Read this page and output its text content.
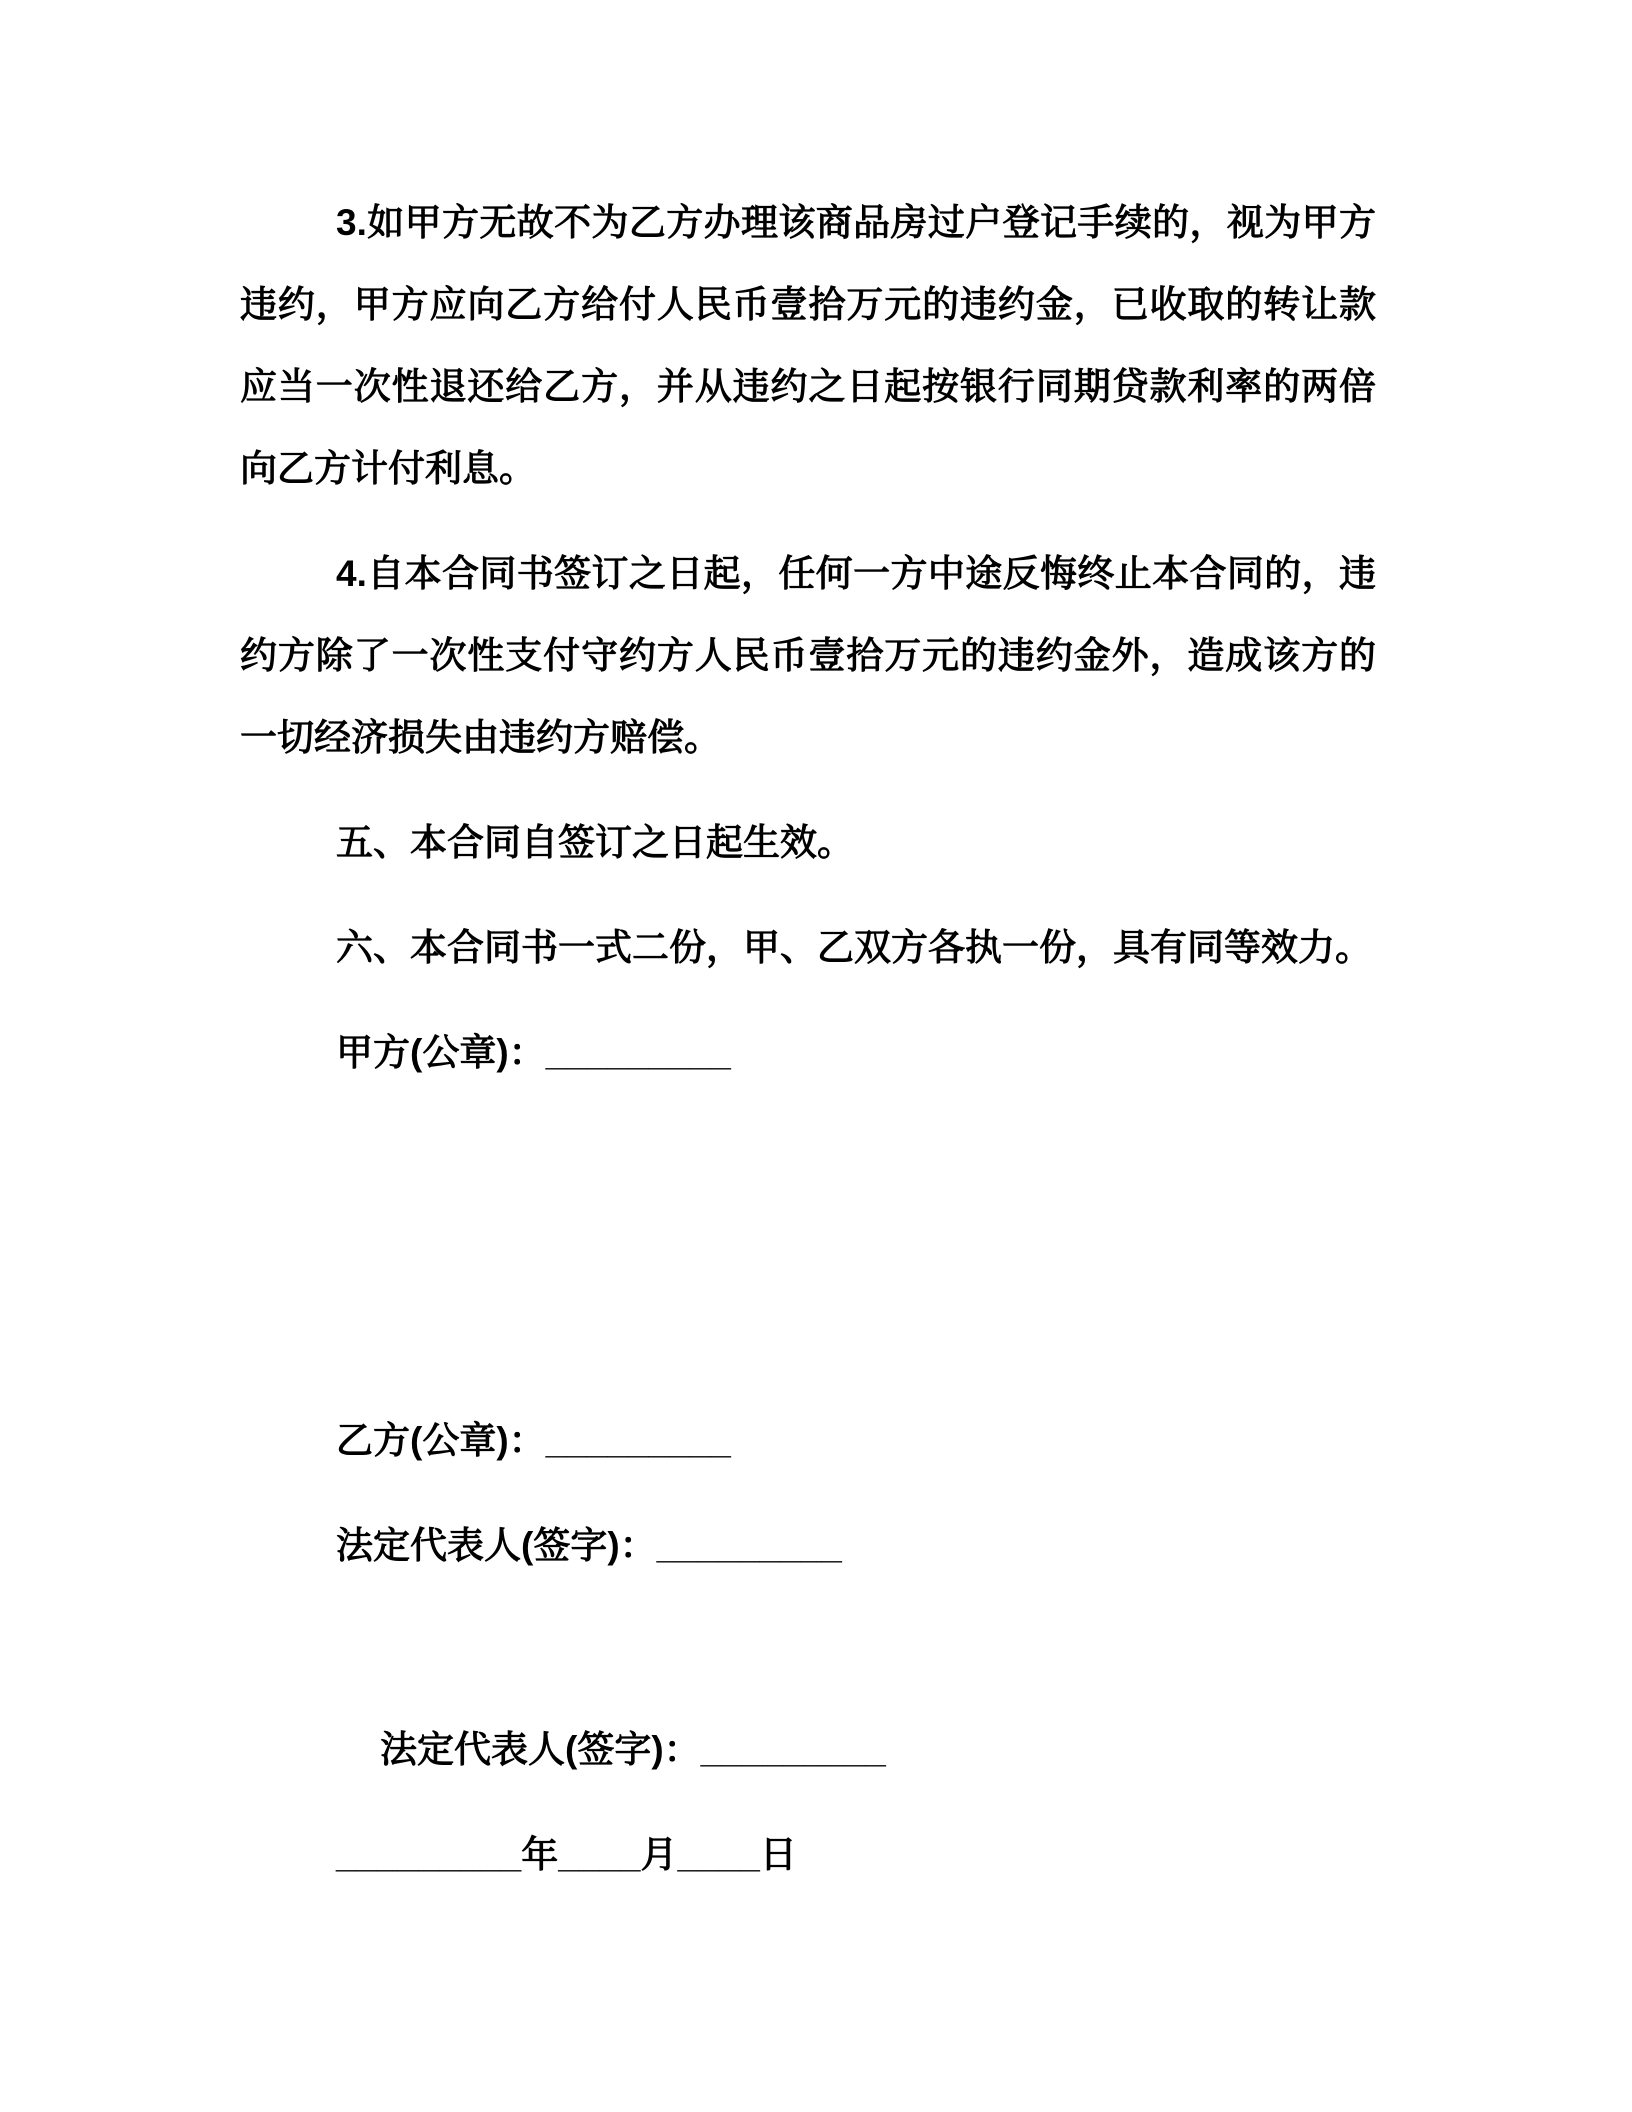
3.如甲方无故不为乙方办理该商品房过户登记手续的，视为甲方违约，甲方应向乙方给付人民币壹拾万元的违约金，已收取的转让款应当一次性退还给乙方，并从违约之日起按银行同期贷款利率的两倍向乙方计付利息。

4.自本合同书签订之日起，任何一方中途反悔终止本合同的，违约方除了一次性支付守约方人民币壹拾万元的违约金外，造成该方的一切经济损失由违约方赔偿。

五、本合同自签订之日起生效。

六、本合同书一式二份，甲、乙双方各执一份，具有同等效力。

甲方(公章)：_________

乙方(公章)：_________

法定代表人(签字)：_________

法定代表人(签字)：_________

_________年____月____日
